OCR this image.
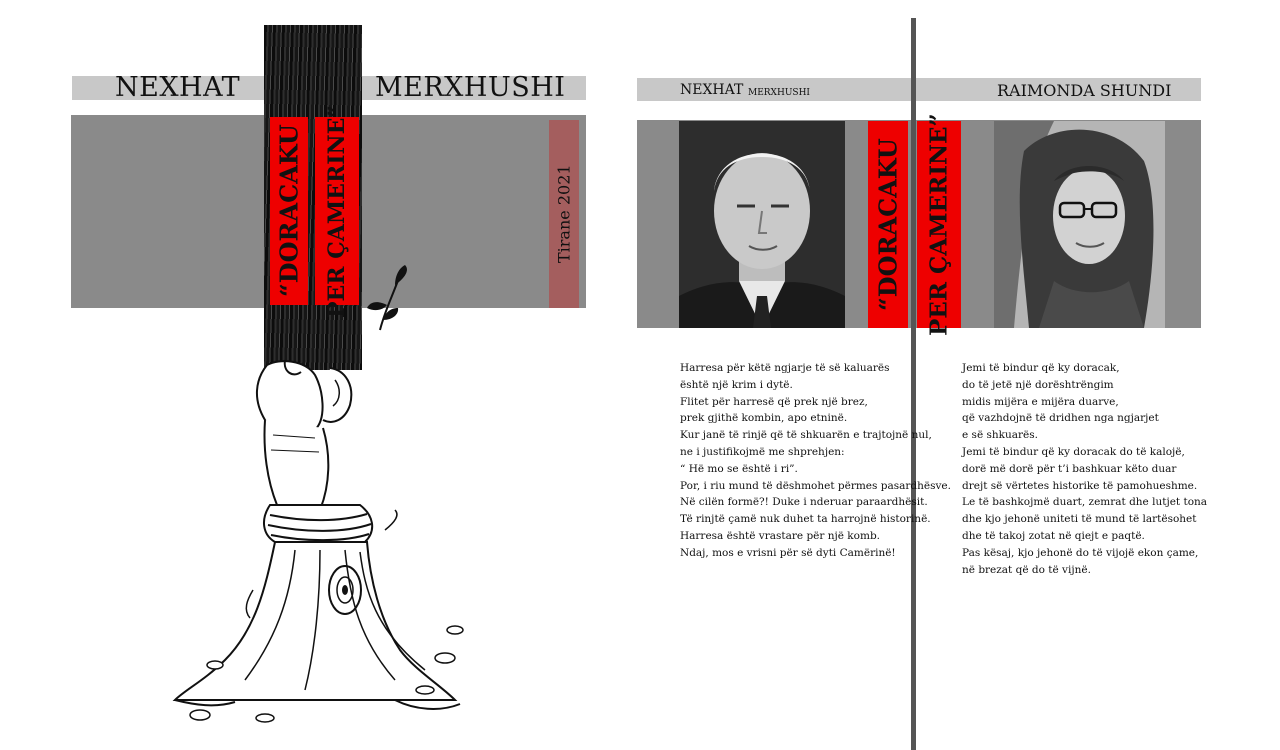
NEXHAT	MERXHUSHI
“DORACAKU PER ÇAMERINE”	Tirane 2021
NEXHAT MERXHUSHI	RAIMONDA SHUNDI
“DORACAKU	PER ÇAMERINE”
Harresa për këtë ngjarje të së kaluarës
është një krim i dytë.
Flitet për harresë që prek një brez,
prek gjithë kombin, apo etninë.
Kur janë të rinjë që të shkuarën e trajtojnë nul,
ne i justifikojmë me shprehjen:
“ Hë mo se është i ri”.
Por, i riu mund të dëshmohet përmes pasardhësve.
Në cilën formë?! Duke i nderuar paraardhësit.
Të rinjtë çamë nuk duhet ta harrojnë historinë.
Harresa është vrastare për një komb.
Ndaj, mos e vrisni për së dyti Camërinë!
Jemi të bindur që ky doracak,
do të jetë një dorështrëngim
midis mijëra e mijëra duarve,
që vazhdojnë të dridhen nga ngjarjet
e së shkuarës.
Jemi të bindur që ky doracak do të kalojë,
dorë më dorë për t’i bashkuar këto duar
drejt së vërtetes historike të pamohueshme.
Le të bashkojmë duart, zemrat dhe lutjet tona
dhe kjo jehonë uniteti të mund të lartësohet
dhe të takoj zotat në qiejt e paqtë.
Pas kësaj, kjo jehonë do të vijojë ekon çame,
në brezat që do të vijnë.
